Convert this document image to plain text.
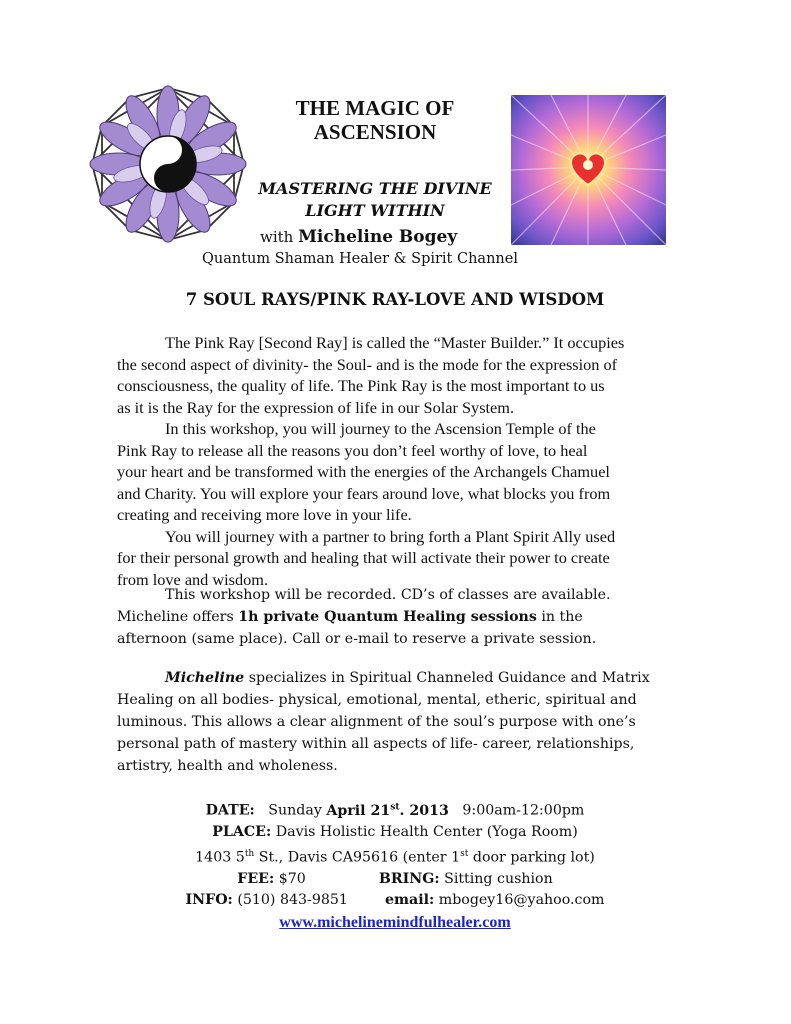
THE MAGIC OF
ASCENSION
MASTERING THE DIVINE
LIGHT WITHIN
with Micheline Bogey
Quantum Shaman Healer & Spirit Channel
7 SOUL RAYS/PINK RAY-LOVE AND WISDOM
The Pink Ray [Second Ray] is called the “Master Builder.” It occupies
the second aspect of divinity- the Soul- and is the mode for the expression of
consciousness, the quality of life. The Pink Ray is the most important to us
as it is the Ray for the expression of life in our Solar System.
In this workshop, you will journey to the Ascension Temple of the
Pink Ray to release all the reasons you don’t feel worthy of love, to heal
your heart and be transformed with the energies of the Archangels Chamuel
and Charity. You will explore your fears around love, what blocks you from
creating and receiving more love in your life.
You will journey with a partner to bring forth a Plant Spirit Ally used
for their personal growth and healing that will activate their power to create
from love and wisdom.
This workshop will be recorded. CD’s of classes are available.
Micheline offers 1h private Quantum Healing sessions in the
afternoon (same place). Call or e-mail to reserve a private session.
Micheline specializes in Spiritual Channeled Guidance and Matrix
Healing on all bodies- physical, emotional, mental, etheric, spiritual and
luminous. This allows a clear alignment of the soul’s purpose with one’s
personal path of mastery within all aspects of life- career, relationships,
artistry, health and wholeness.
DATE: Sunday April 21st. 2013 9:00am-12:00pm
PLACE: Davis Holistic Health Center (Yoga Room)
1403 5th St., Davis CA95616 (enter 1st door parking lot)
FEE: $70	BRING: Sitting cushion
INFO: (510) 843-9851	email: mbogey16@yahoo.com
www.michelinemindfulhealer.com
